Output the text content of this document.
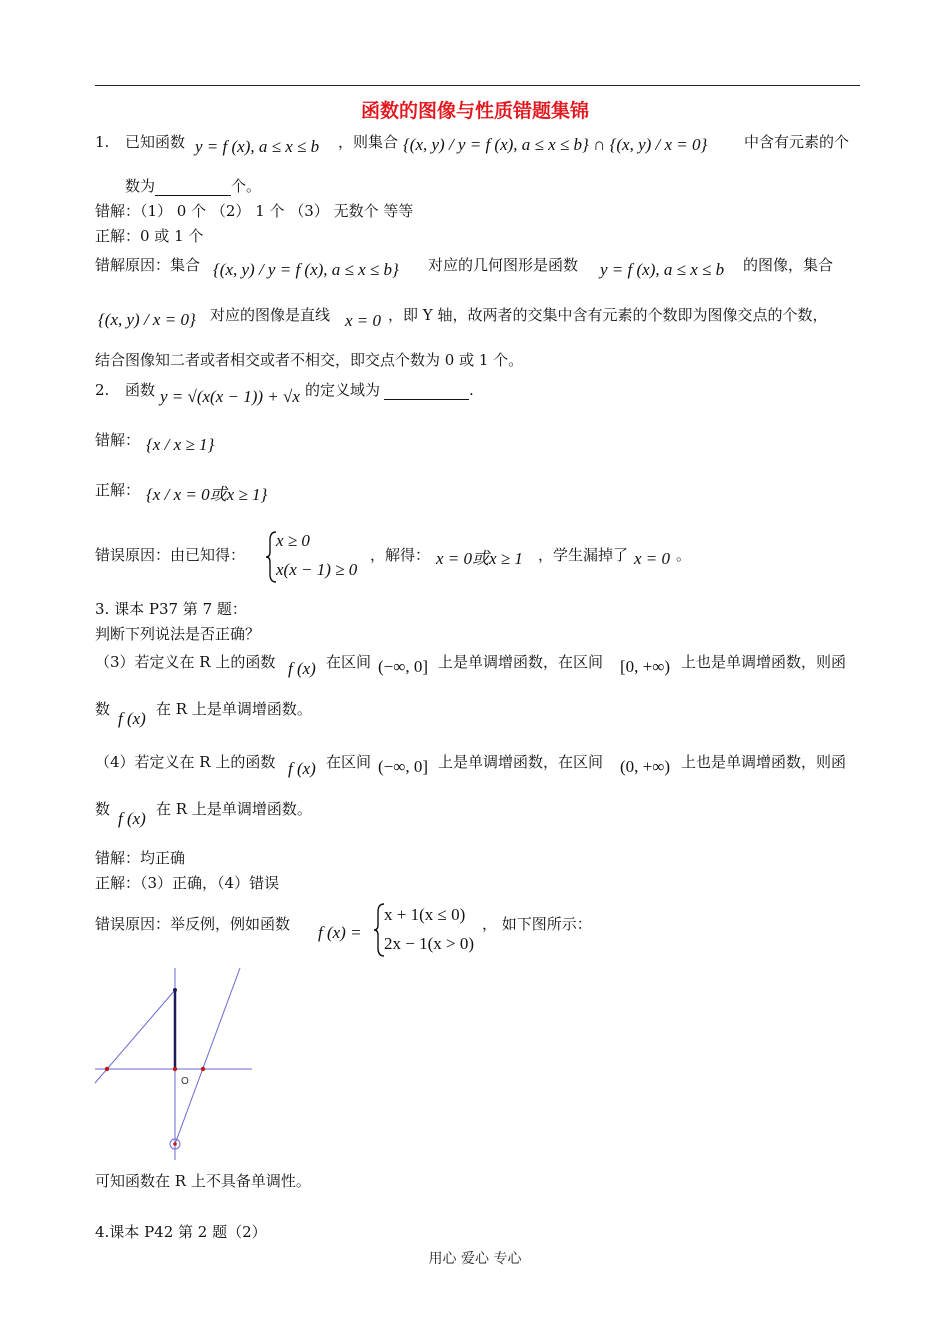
函数的图像与性质错题集锦
1. 已知函数 y = f (x), a ≤ x ≤ b ，则集合 {(x, y) / y = f (x), a ≤ x ≤ b} ∩ {(x, y) / x = 0} 中含有元素的个
数为	个。
错解：（1） 0 个 （2） 1 个 （3） 无数个 等等
正解：0 或 1 个
错解原因：集合 {(x, y) / y = f (x), a ≤ x ≤ b} 对应的几何图形是函数 y = f (x), a ≤ x ≤ b 的图像，集合
{(x, y) / x = 0} 对应的图像是直线 x = 0 ，即 Y 轴，故两者的交集中含有元素的个数即为图像交点的个数，
结合图像知二者或者相交或者不相交，即交点个数为 0 或 1 个。
2. 函数 y = √(x(x − 1)) + √x 的定义域为	.
错解： {x / x ≥ 1}
正解： {x / x = 0或x ≥ 1}
错误原因：由已知得：
x ≥ 0
x(x − 1) ≥ 0
，解得： x = 0或x ≥ 1 ，学生漏掉了 x = 0 。
3. 课本 P37 第 7 题：
判断下列说法是否正确？
（3）若定义在 R 上的函数 f (x) 在区间 (−∞, 0] 上是单调增函数，在区间 [0, +∞) 上也是单调增函数，则函
数 f (x) 在 R 上是单调增函数。
（4）若定义在 R 上的函数 f (x) 在区间 (−∞, 0] 上是单调增函数，在区间 (0, +∞) 上也是单调增函数，则函
数 f (x) 在 R 上是单调增函数。
错解：均正确
正解：（3）正确，（4）错误
错误原因：举反例，例如函数 f (x) =
x + 1(x ≤ 0)
2x − 1(x > 0)
， 如下图所示：
O
可知函数在 R 上不具备单调性。
4.课本 P42 第 2 题（2）
用心 爱心 专心
